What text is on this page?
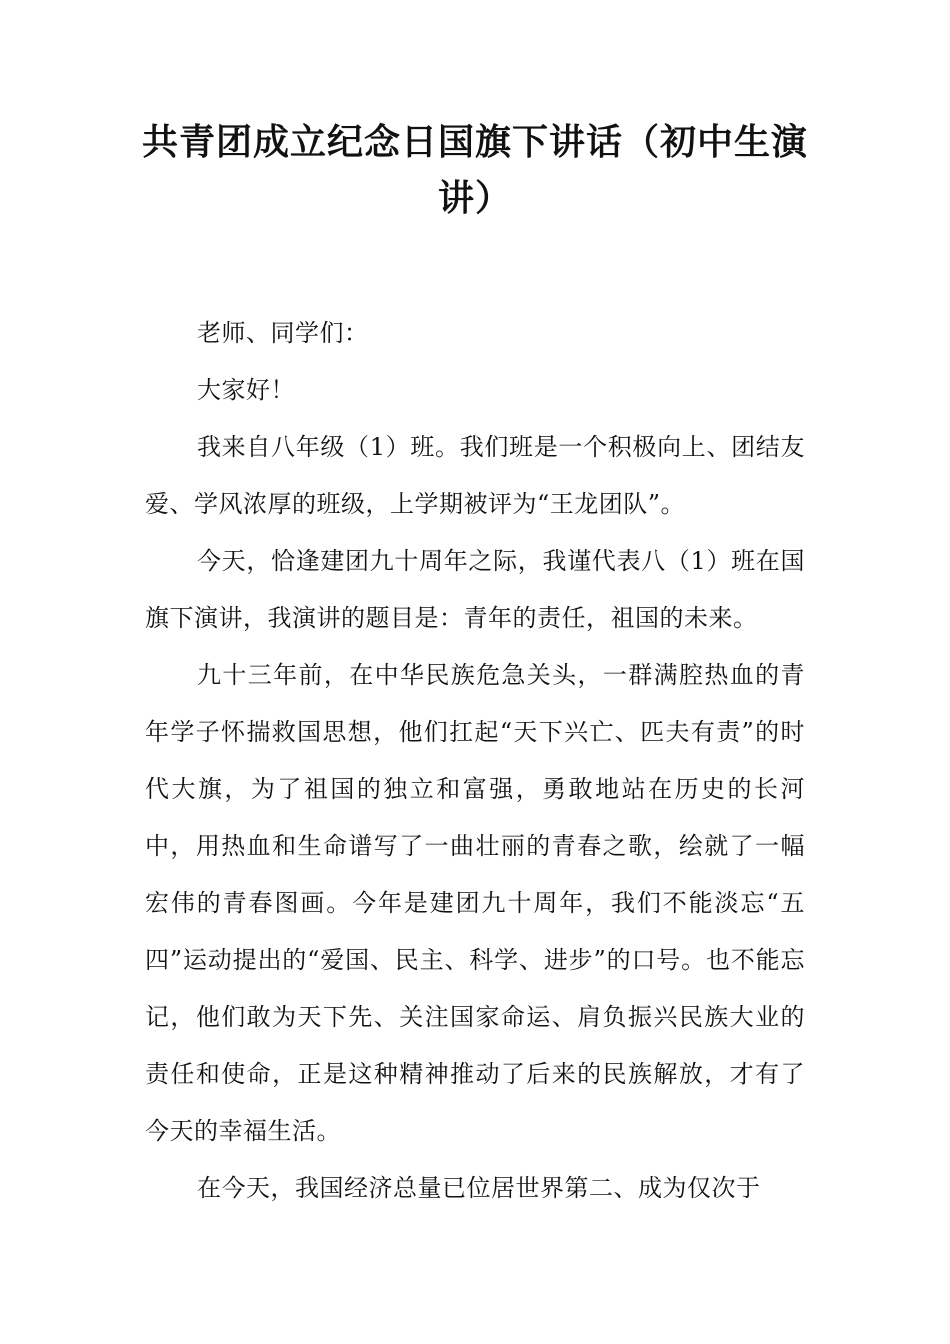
共青团成立纪念日国旗下讲话（初中生演讲）

老师、同学们：

大家好！

我来自八年级（1）班。我们班是一个积极向上、团结友爱、学风浓厚的班级，上学期被评为“王龙团队”。

今天，恰逢建团九十周年之际，我谨代表八（1）班在国旗下演讲，我演讲的题目是：青年的责任，祖国的未来。

九十三年前，在中华民族危急关头，一群满腔热血的青年学子怀揣救国思想，他们扛起“天下兴亡、匹夫有责”的时代大旗，为了祖国的独立和富强，勇敢地站在历史的长河中，用热血和生命谱写了一曲壮丽的青春之歌，绘就了一幅宏伟的青春图画。今年是建团九十周年，我们不能淡忘“五四”运动提出的“爱国、民主、科学、进步”的口号。也不能忘记，他们敢为天下先、关注国家命运、肩负振兴民族大业的责任和使命，正是这种精神推动了后来的民族解放，才有了今天的幸福生活。

在今天，我国经济总量已位居世界第二、成为仅次于
